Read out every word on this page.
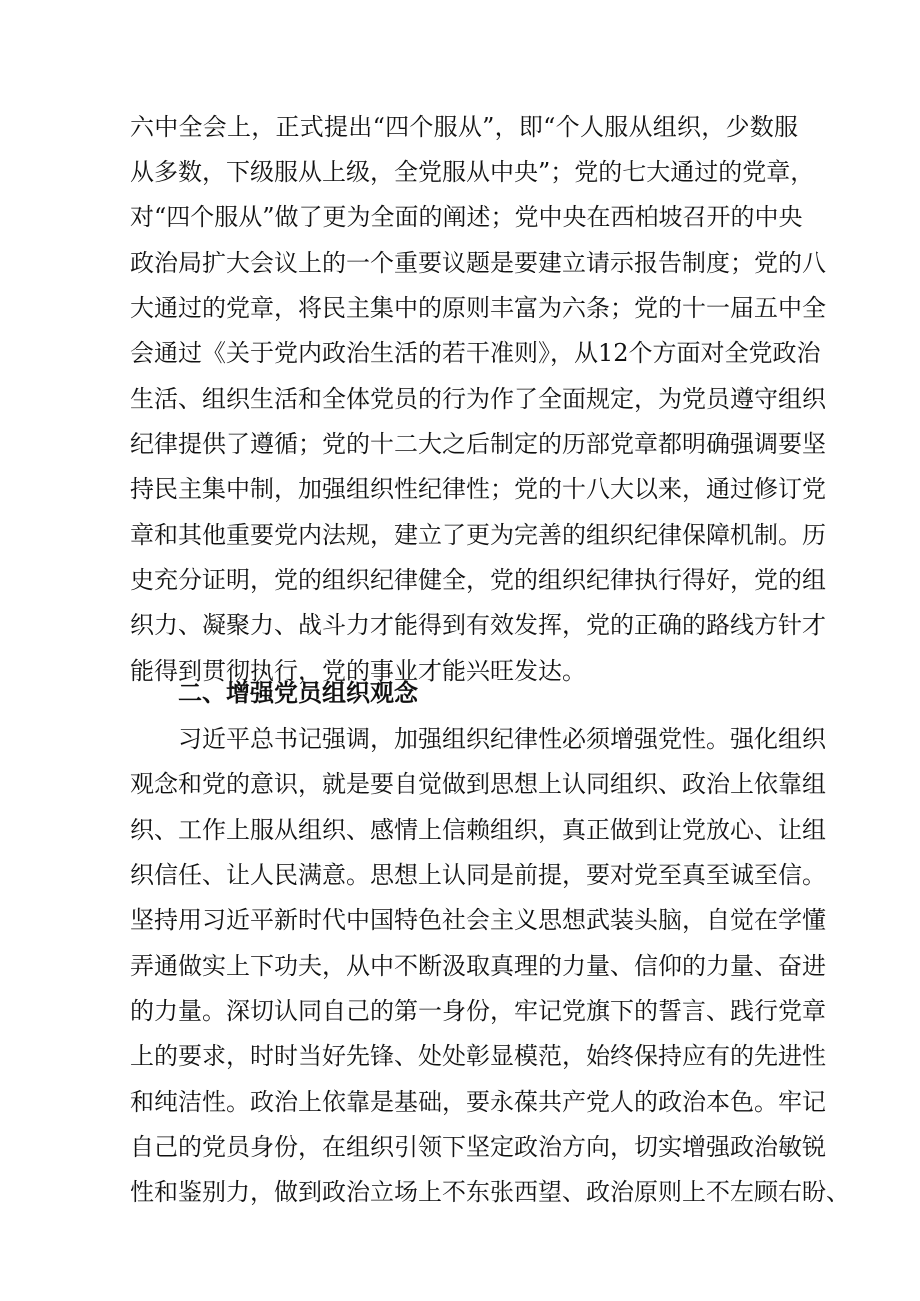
六中全会上，正式提出“四个服从”，即“个人服从组织，少数服
从多数，下级服从上级，全党服从中央”；党的七大通过的党章，
对“四个服从”做了更为全面的阐述；党中央在西柏坡召开的中央
政治局扩大会议上的一个重要议题是要建立请示报告制度；党的八
大通过的党章，将民主集中的原则丰富为六条；党的十一届五中全
会通过《关于党内政治生活的若干准则》，从12个方面对全党政治
生活、组织生活和全体党员的行为作了全面规定，为党员遵守组织
纪律提供了遵循；党的十二大之后制定的历部党章都明确强调要坚
持民主集中制，加强组织性纪律性；党的十八大以来，通过修订党
章和其他重要党内法规，建立了更为完善的组织纪律保障机制。历
史充分证明，党的组织纪律健全，党的组织纪律执行得好，党的组
织力、凝聚力、战斗力才能得到有效发挥，党的正确的路线方针才
能得到贯彻执行，党的事业才能兴旺发达。
二、增强党员组织观念
习近平总书记强调，加强组织纪律性必须增强党性。强化组织
观念和党的意识，就是要自觉做到思想上认同组织、政治上依靠组
织、工作上服从组织、感情上信赖组织，真正做到让党放心、让组
织信任、让人民满意。思想上认同是前提，要对党至真至诚至信。
坚持用习近平新时代中国特色社会主义思想武装头脑，自觉在学懂
弄通做实上下功夫，从中不断汲取真理的力量、信仰的力量、奋进
的力量。深切认同自己的第一身份，牢记党旗下的誓言、践行党章
上的要求，时时当好先锋、处处彰显模范，始终保持应有的先进性
和纯洁性。政治上依靠是基础，要永葆共产党人的政治本色。牢记
自己的党员身份，在组织引领下坚定政治方向，切实增强政治敏锐
性和鉴别力，做到政治立场上不东张西望、政治原则上不左顾右盼、
